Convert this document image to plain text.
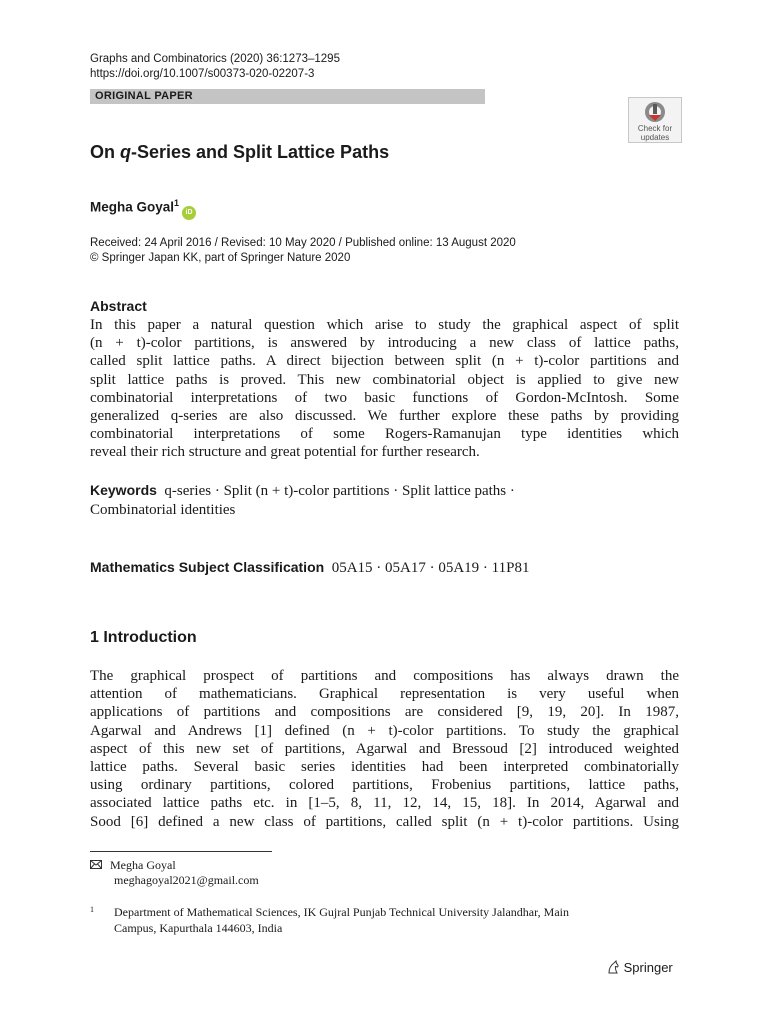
Graphs and Combinatorics (2020) 36:1273–1295
https://doi.org/10.1007/s00373-020-02207-3
ORIGINAL PAPER
Check for
updates
On q-Series and Split Lattice Paths
Megha Goyal$^1$iD
Received: 24 April 2016 / Revised: 10 May 2020 / Published online: 13 August 2020
© Springer Japan KK, part of Springer Nature 2020
Abstract
In this paper a natural question which arise to study the graphical aspect of split
(n + t)-color partitions, is answered by introducing a new class of lattice paths,
called split lattice paths. A direct bijection between split (n + t)-color partitions and
split lattice paths is proved. This new combinatorial object is applied to give new
combinatorial interpretations of two basic functions of Gordon-McIntosh. Some
generalized q-series are also discussed. We further explore these paths by providing
combinatorial interpretations of some Rogers-Ramanujan type identities which
reveal their rich structure and great potential for further research.
Keywords q-series · Split (n + t)-color partitions · Split lattice paths ·
Combinatorial identities
Mathematics Subject Classification 05A15 · 05A17 · 05A19 · 11P81
1 Introduction
The graphical prospect of partitions and compositions has always drawn the
attention of mathematicians. Graphical representation is very useful when
applications of partitions and compositions are considered [9, 19, 20]. In 1987,
Agarwal and Andrews [1] defined (n + t)-color partitions. To study the graphical
aspect of this new set of partitions, Agarwal and Bressoud [2] introduced weighted
lattice paths. Several basic series identities had been interpreted combinatorially
using ordinary partitions, colored partitions, Frobenius partitions, lattice paths,
associated lattice paths etc. in [1–5, 8, 11, 12, 14, 15, 18]. In 2014, Agarwal and
Sood [6] defined a new class of partitions, called split (n + t)-color partitions. Using
Megha Goyal
meghagoyal2021@gmail.com
1 Department of Mathematical Sciences, IK Gujral Punjab Technical University Jalandhar, Main
Campus, Kapurthala 144603, India
Springer
